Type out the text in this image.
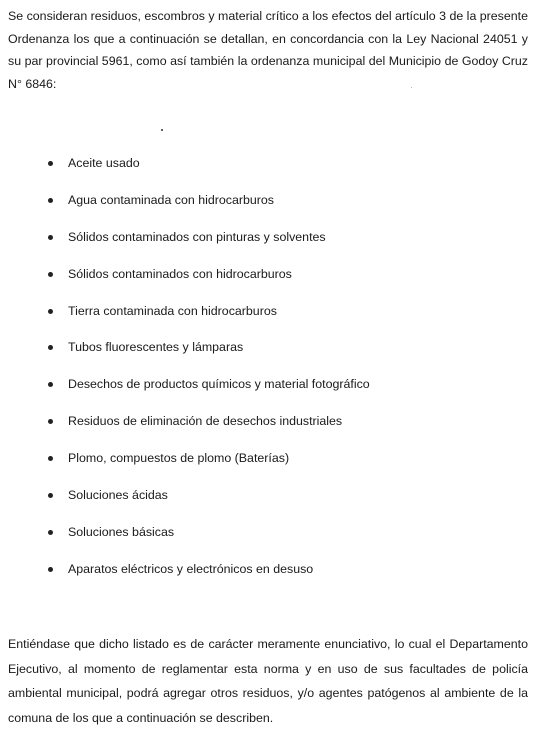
Se consideran residuos, escombros y material crítico a los efectos del artículo 3 de la presente Ordenanza los que a continuación se detallan, en concordancia con la Ley Nacional 24051 y su par provincial 5961, como así también la ordenanza municipal del Municipio de Godoy Cruz N° 6846:

Aceite usado
Agua contaminada con hidrocarburos
Sólidos contaminados con pinturas y solventes
Sólidos contaminados con hidrocarburos
Tierra contaminada con hidrocarburos
Tubos fluorescentes y lámparas
Desechos de productos químicos y material fotográfico
Residuos de eliminación de desechos industriales
Plomo, compuestos de plomo (Baterías)
Soluciones ácidas
Soluciones básicas
Aparatos eléctricos y electrónicos en desuso

Entiéndase que dicho listado es de carácter meramente enunciativo, lo cual el Departamento Ejecutivo, al momento de reglamentar esta norma y en uso de sus facultades de policía ambiental municipal, podrá agregar otros residuos, y/o agentes patógenos al ambiente de la comuna de los que a continuación se describen.
